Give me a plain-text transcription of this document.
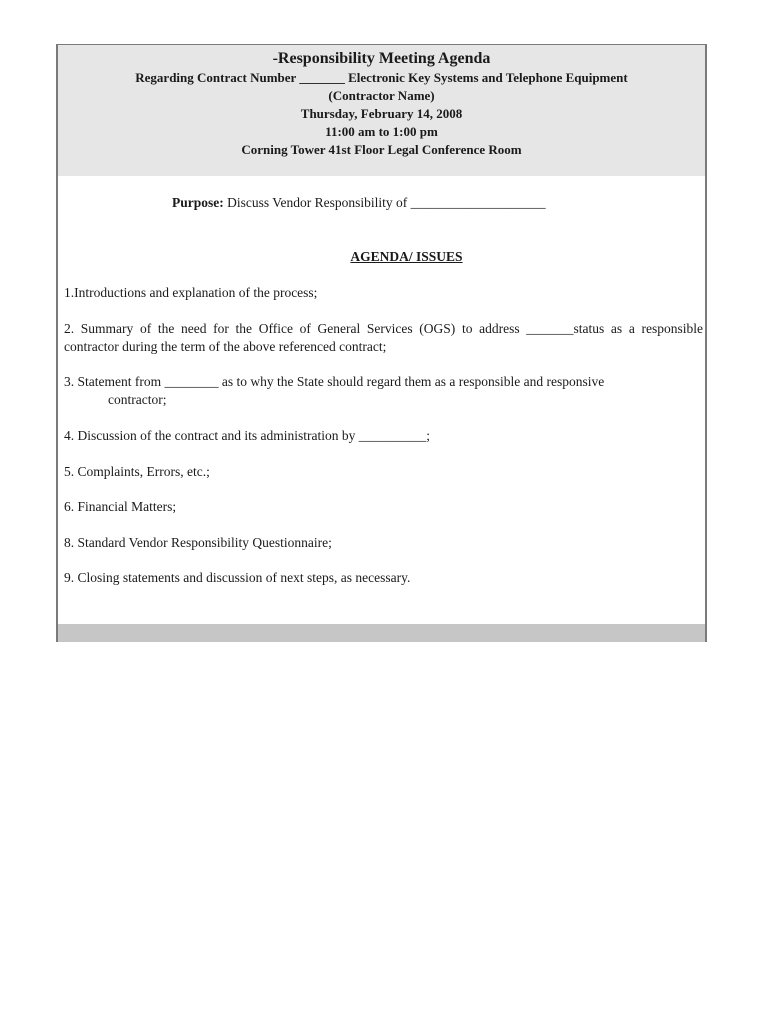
-Responsibility Meeting Agenda
Regarding Contract Number _______ Electronic Key Systems and Telephone Equipment
(Contractor Name)
Thursday, February 14, 2008
11:00 am to 1:00 pm
Corning Tower 41st Floor Legal Conference Room
Purpose: Discuss Vendor Responsibility of ____________________
AGENDA/ ISSUES
1.Introductions and explanation of the process;
2. Summary of the need for the Office of General Services (OGS) to address _______status as a responsible contractor during the term of the above referenced contract;
3. Statement from ________ as to why the State should regard them as a responsible and responsive
contractor;
4. Discussion of the contract and its administration by __________;
5. Complaints, Errors, etc.;
6. Financial Matters;
8. Standard Vendor Responsibility Questionnaire;
9. Closing statements and discussion of next steps, as necessary.
